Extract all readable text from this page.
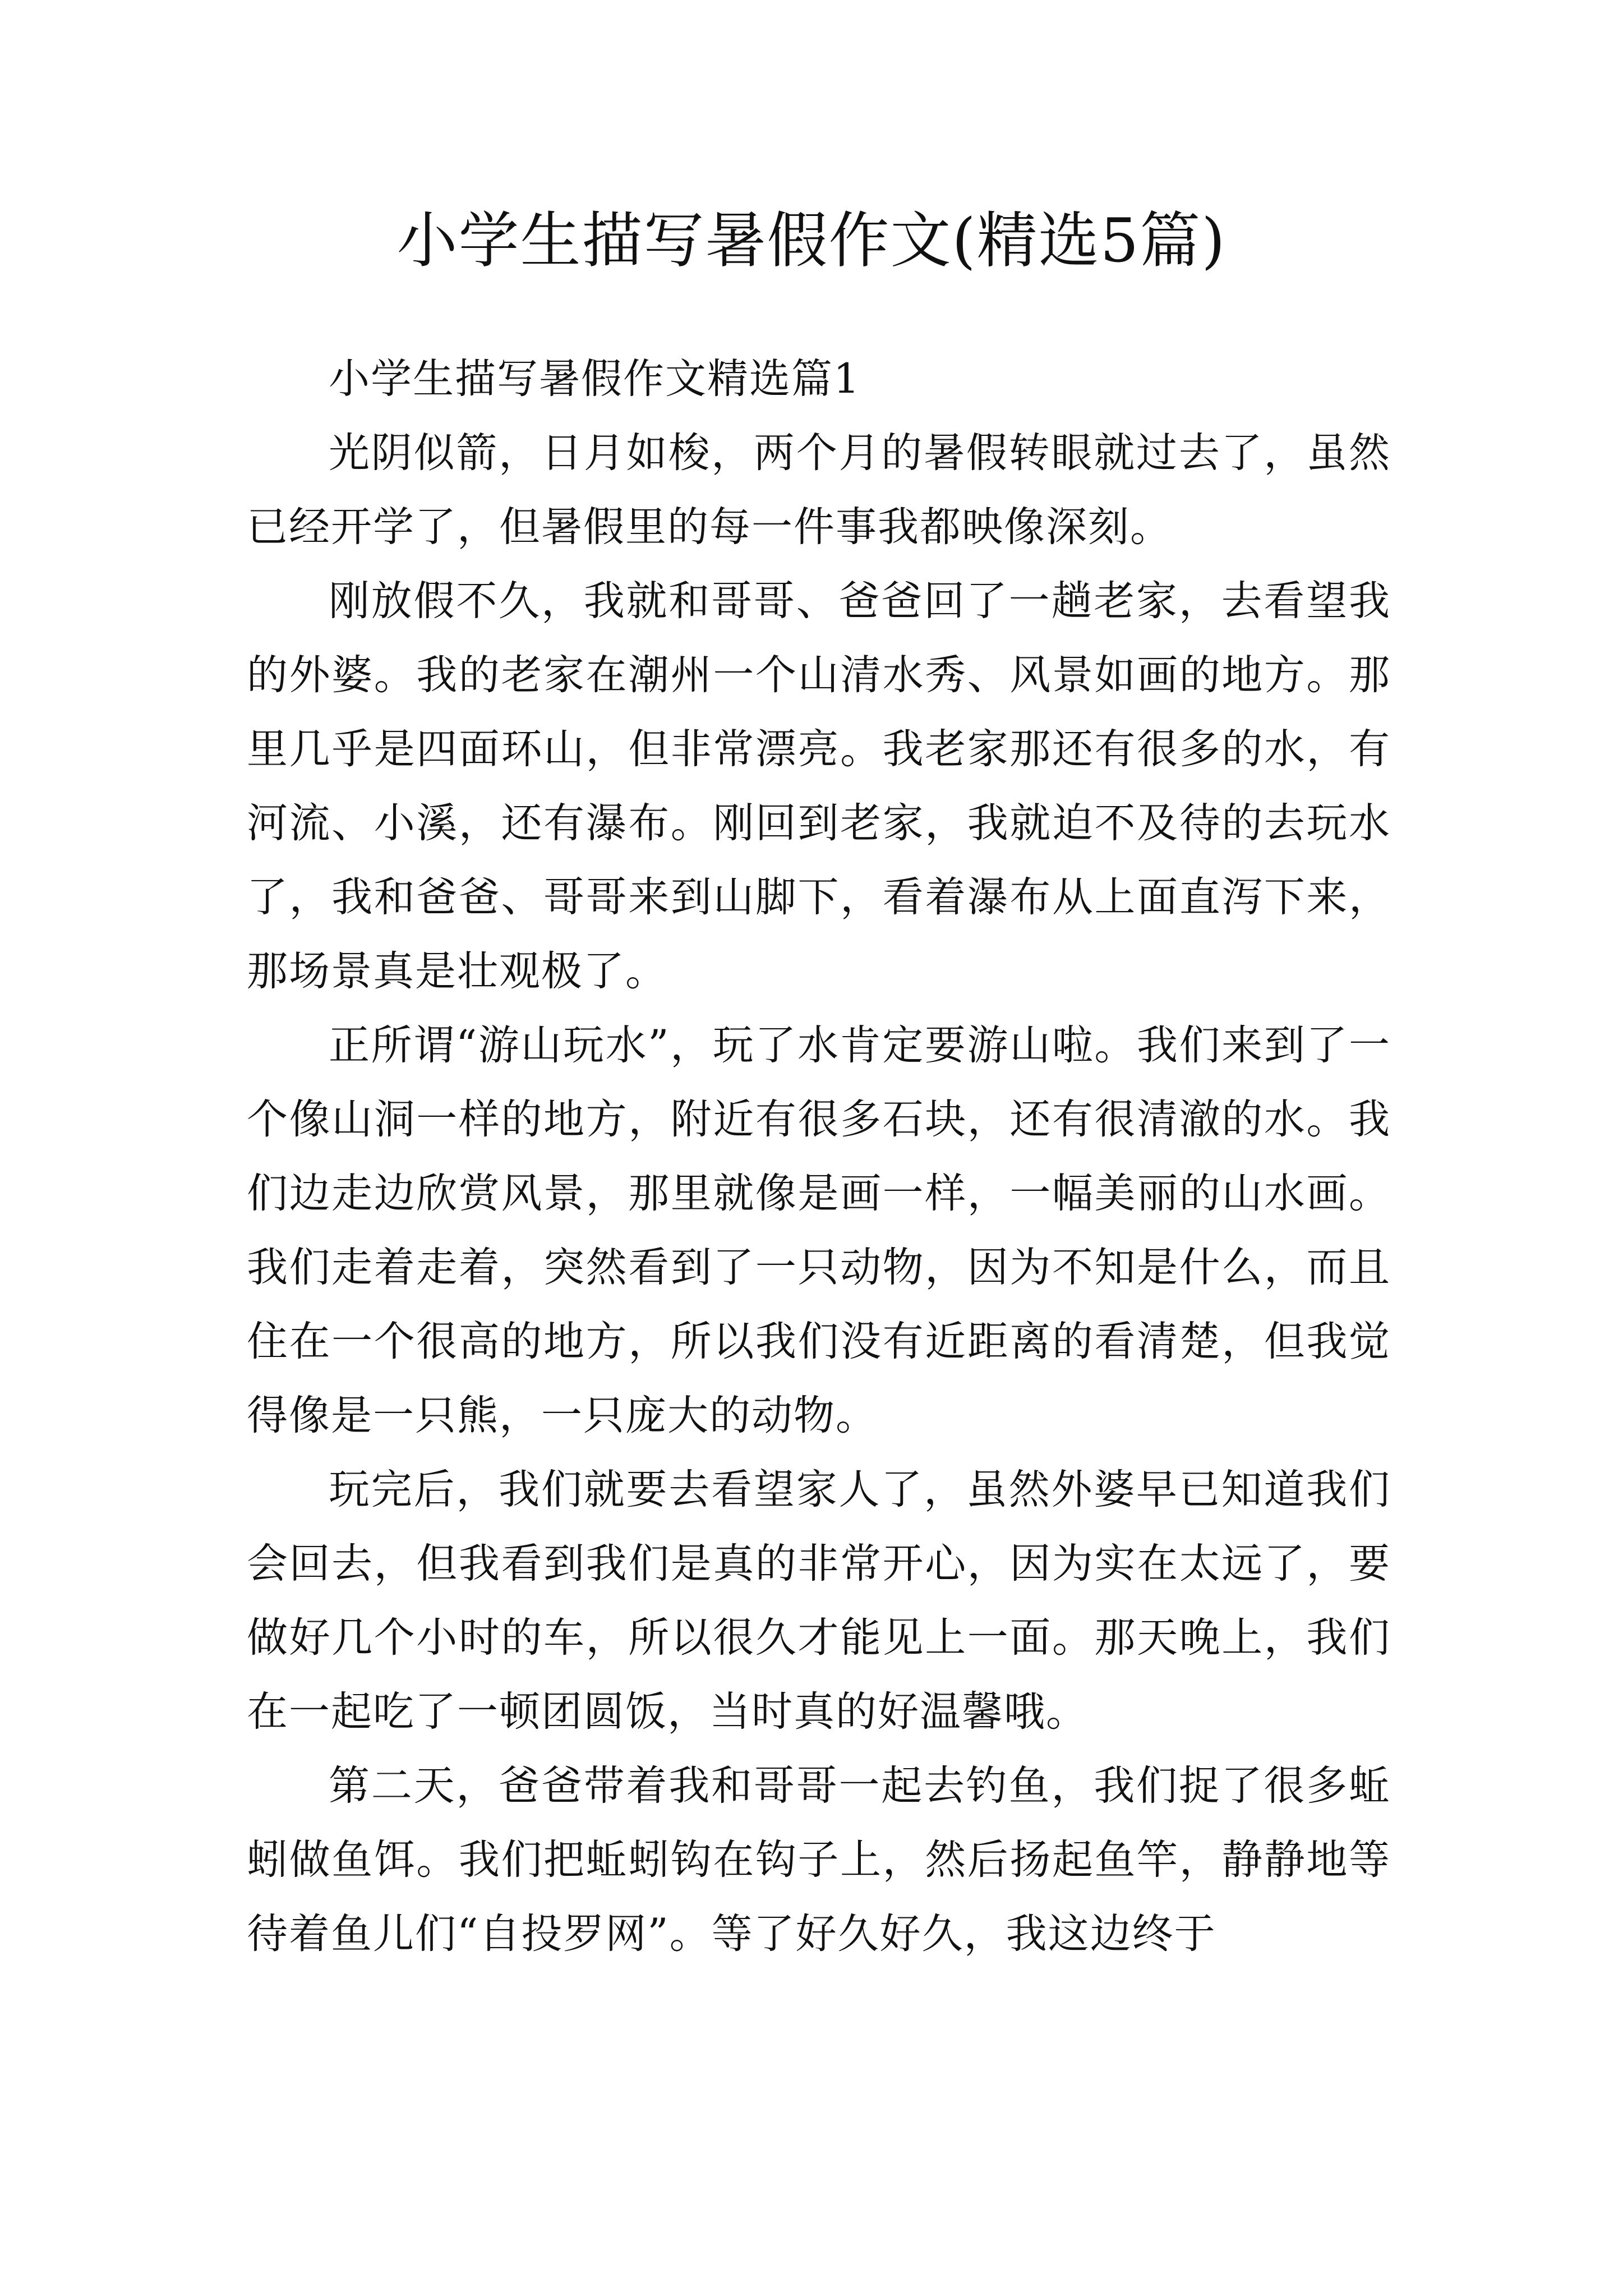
小学生描写暑假作文(精选5篇)

小学生描写暑假作文精选篇1

光阴似箭，日月如梭，两个月的暑假转眼就过去了，虽然已经开学了，但暑假里的每一件事我都映像深刻。

刚放假不久，我就和哥哥、爸爸回了一趟老家，去看望我的外婆。我的老家在潮州一个山清水秀、风景如画的地方。那里几乎是四面环山，但非常漂亮。我老家那还有很多的水，有河流、小溪，还有瀑布。刚回到老家，我就迫不及待的去玩水了，我和爸爸、哥哥来到山脚下，看着瀑布从上面直泻下来，那场景真是壮观极了。

正所谓“游山玩水”，玩了水肯定要游山啦。我们来到了一个像山洞一样的地方，附近有很多石块，还有很清澈的水。我们边走边欣赏风景，那里就像是画一样，一幅美丽的山水画。我们走着走着，突然看到了一只动物，因为不知是什么，而且住在一个很高的地方，所以我们没有近距离的看清楚，但我觉得像是一只熊，一只庞大的动物。

玩完后，我们就要去看望家人了，虽然外婆早已知道我们会回去，但我看到我们是真的非常开心，因为实在太远了，要做好几个小时的车，所以很久才能见上一面。那天晚上，我们在一起吃了一顿团圆饭，当时真的好温馨哦。

第二天，爸爸带着我和哥哥一起去钓鱼，我们捉了很多蚯蚓做鱼饵。我们把蚯蚓钩在钩子上，然后扬起鱼竿，静静地等待着鱼儿们“自投罗网”。等了好久好久，我这边终于
